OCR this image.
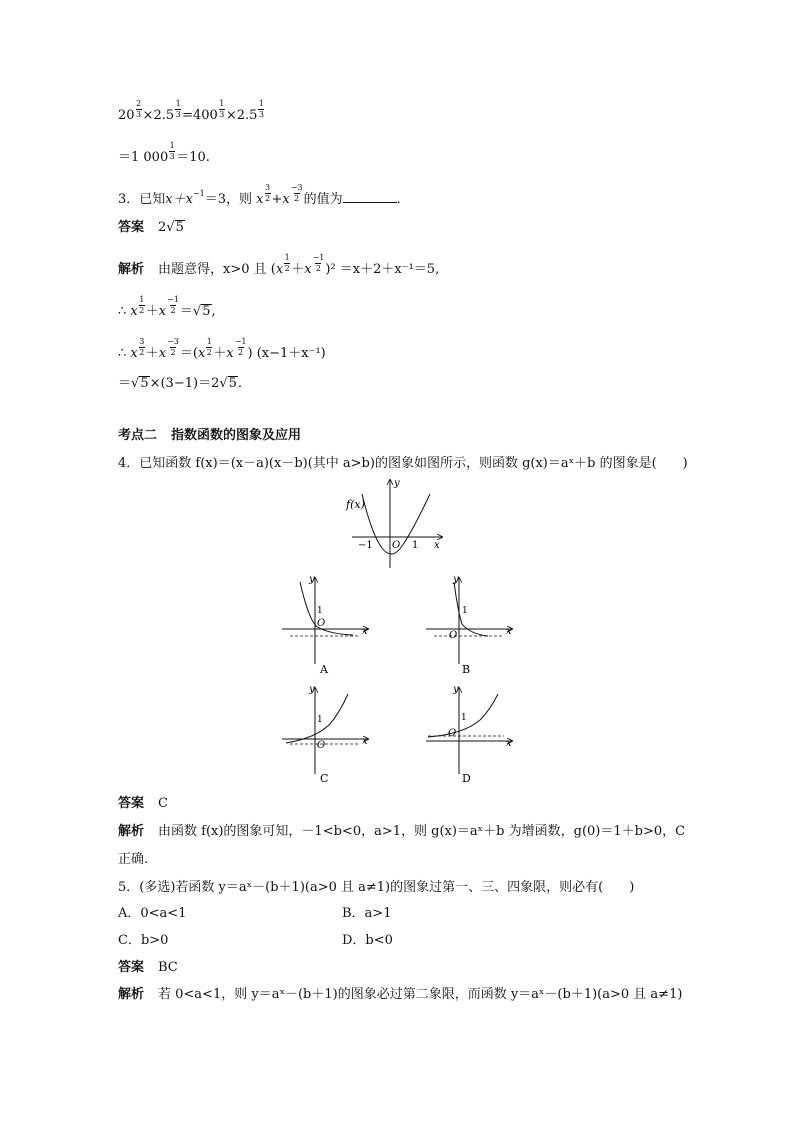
$20 \frac{2}{3} \times 2.5 \frac{1}{3} =400 \frac{1}{3} \times 2.5 \frac{1}{3}$
＝1 $000 \frac{1}{3} =10$.
3．已知$x+x^{-1}=3$，则 x $\frac{3}{2} +x \frac{-3}{2}$ 的值为	．
答案 2√5
解析 由题意得，x>0 且 $(x \frac{1}{2} +x \frac{-1}{2} )^2 =x+2+x^{-1}=5$,
∴ x $\frac{1}{2} +x \frac{-1}{2} =√5$,
∴ x $\frac{3}{2} +x \frac{-3}{2} =(x \frac{1}{2} +x \frac{-1}{2}$ ) (x−1＋x⁻¹)
＝√5×(3−1)＝2√5.
考点二 指数函数的图象及应用
4．已知函数 f(x)＝(x－a)(x－b)(其中 a>b)的图象如图所示，则函数 g(x)＝aˣ＋b 的图象是(　　)
f(x)
y
x
−1 O 1
y
x
1
O
A
y
x
1
O
B
y
x
1
O
C
y
x
1
O
D
答案 C
解析 由函数 f(x)的图象可知，－1<b<0，a>1，则 g(x)＝aˣ＋b 为增函数，g(0)＝1＋b>0，C
正确.
5．(多选)若函数 y＝aˣ－(b＋1)(a>0 且 a≠1)的图象过第一、三、四象限，则必有(　　)
A．0<a<1	B．a>1
C．b>0	D．b<0
答案 BC
解析 若 0<a<1，则 y＝aˣ－(b＋1)的图象必过第二象限，而函数 y＝aˣ－(b＋1)(a>0 且 a≠1)
